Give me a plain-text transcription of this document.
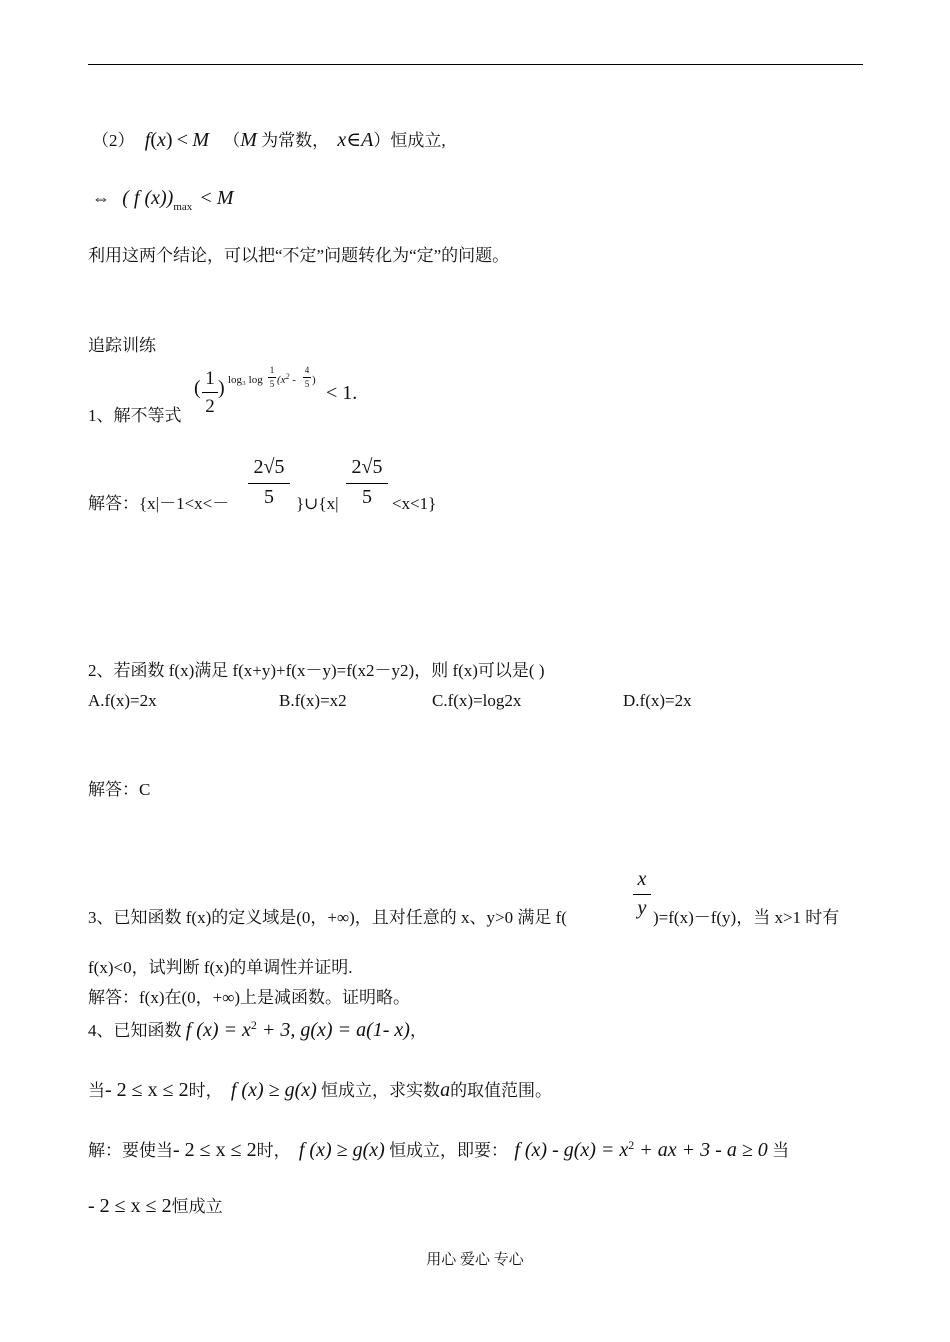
（2） f(x) < M （M 为常数， x∈A）恒成立,
⇔ ( f $(x))_{max} < M$
利用这两个结论，可以把“不定”问题转化为“定”的问题。
追踪训练
1、解不等式
( 1
2
) log₃ log
1
5 ($x^2$ -
4
5 )
< 1.
解答：{x|－1<x<－
2√5
5	}∪{x|
2√5
5	<x<1}
2、若函数 f(x)满足 f(x+y)+f(x－y)=f(x2－y2)，则 f(x)可以是( )
A.f(x)=2x	B.f(x)=x2	C.f(x)=log2x	D.f(x)=2x
解答：C
x
y
3、已知函数 f(x)的定义域是(0，+∞)，且对任意的 x、y>0 满足 f(	)=f(x)－f(y)，当 x>1 时有
f(x)<0，试判断 f(x)的单调性并证明.
解答：f(x)在(0，+∞)上是减函数。证明略。
4、已知函数 f $(x) = x^2 + 3$, g(x) = a(1- x)，
当- 2 ≤ x ≤ 2时， f (x) ≥ g(x) 恒成立，求实数a的取值范围。
解：要使当- 2 ≤ x ≤ 2时， f (x) ≥ g(x) 恒成立，即要： f $(x) - g(x) = x^2$ + ax + 3 - a ≥ 0 当
- 2 ≤ x ≤ 2恒成立
用心 爱心 专心
